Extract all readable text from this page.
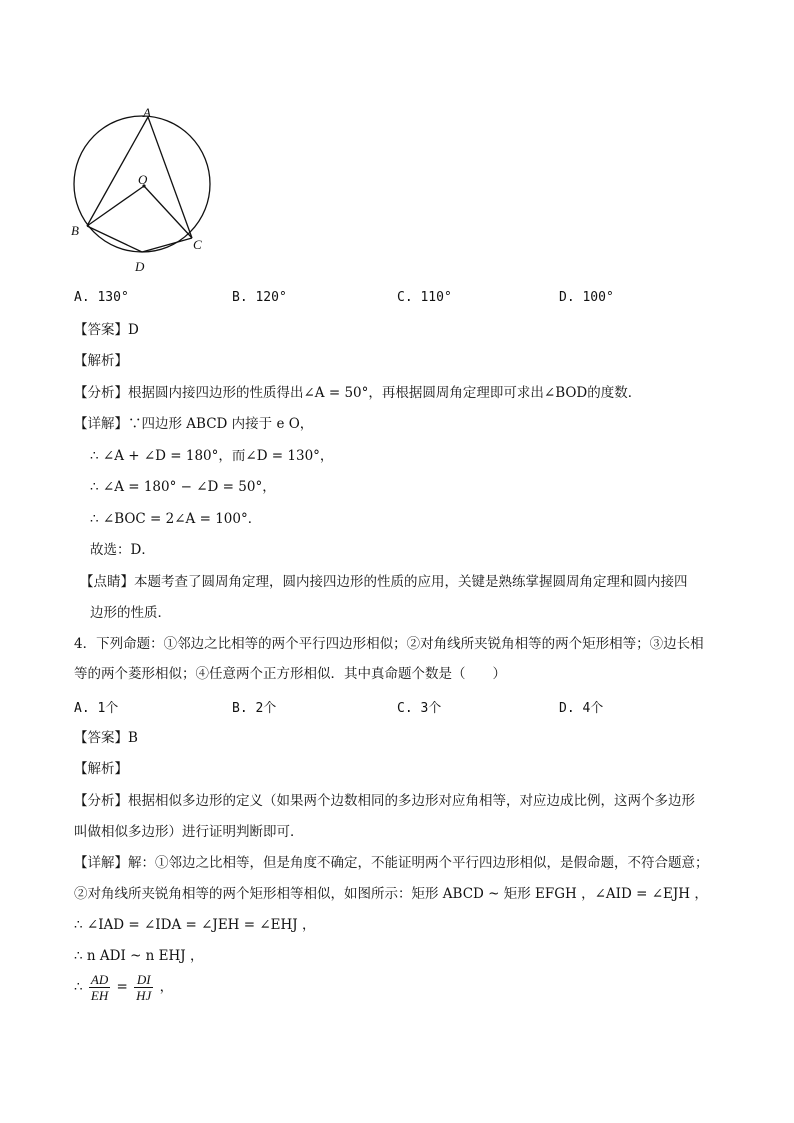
A
O
B
C
D
A. 130°	B. 120°	C. 110°	D. 100°
【答案】D
【解析】
【分析】根据圆内接四边形的性质得出∠A = 50°，再根据圆周角定理即可求出∠BOD的度数．
【详解】∵四边形 ABCD 内接于 e O，
∴ ∠A + ∠D = 180°，而∠D = 130°，
∴ ∠A = 180° − ∠D = 50°，
∴ ∠BOC = 2∠A = 100°．
故选：D．
【点睛】本题考查了圆周角定理，圆内接四边形的性质的应用，关键是熟练掌握圆周角定理和圆内接四
边形的性质．
4．下列命题：①邻边之比相等的两个平行四边形相似；②对角线所夹锐角相等的两个矩形相等；③边长相
等的两个菱形相似；④任意两个正方形相似．其中真命题个数是（　　）
A. 1个	B. 2个	C. 3个	D. 4个
【答案】B
【解析】
【分析】根据相似多边形的定义（如果两个边数相同的多边形对应角相等，对应边成比例，这两个多边形
叫做相似多边形）进行证明判断即可．
【详解】解：①邻边之比相等，但是角度不确定，不能证明两个平行四边形相似，是假命题，不符合题意；
②对角线所夹锐角相等的两个矩形相等相似，如图所示：矩形 ABCD ~ 矩形 EFGH ，∠AID = ∠EJH ，
∴ ∠IAD = ∠IDA = ∠JEH = ∠EHJ ，
∴ n ADI ~ n EHJ ，
∴ $\frac{AD}{EH} = \frac{DI}{HJ}$ ，
